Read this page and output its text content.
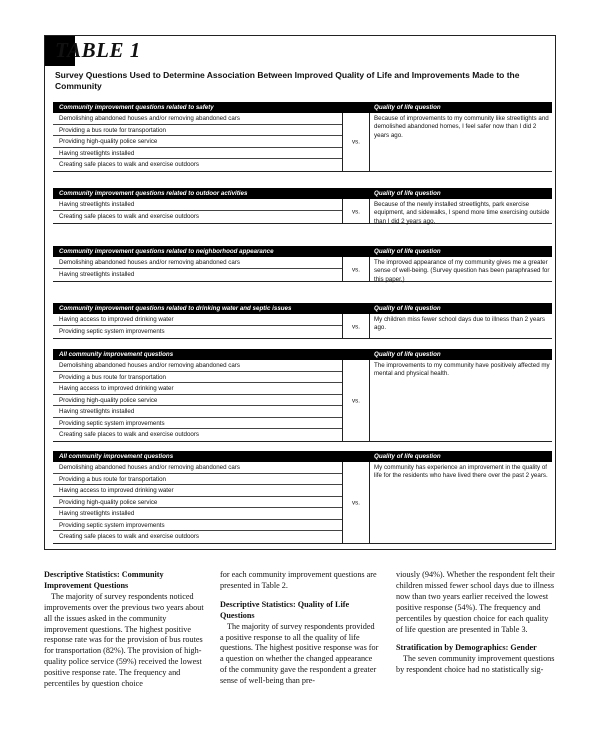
TABLE 1
Survey Questions Used to Determine Association Between Improved Quality of Life and Improvements Made to the Community
Community improvement questions related to safety	Quality of life question
Demolishing abandoned houses and/or removing abandoned cars
Providing a bus route for transportation
Providing high-quality police service
Having streetlights installed
Creating safe places to walk and exercise outdoors
vs.
Because of improvements to my community like streetlights and demolished abandoned homes, I feel safer now than I did 2 years ago.
Community improvement questions related to outdoor activities	Quality of life question
Having streetlights installed
Creating safe places to walk and exercise outdoors
vs.
Because of the newly installed streetlights, park exercise equipment, and sidewalks, I spend more time exercising outside than I did 2 years ago.
Community improvement questions related to neighborhood appearance	Quality of life question
Demolishing abandoned houses and/or removing abandoned cars
Having streetlights installed
vs.
The improved appearance of my community gives me a greater sense of well-being. (Survey question has been paraphrased for this paper.)
Community improvement questions related to drinking water and septic issues	Quality of life question
Having access to improved drinking water
Providing septic system improvements
vs.
My children miss fewer school days due to illness than 2 years ago.
All community improvement questions	Quality of life question
Demolishing abandoned houses and/or removing abandoned cars
Providing a bus route for transportation
Having access to improved drinking water
Providing high-quality police service
Having streetlights installed
Providing septic system improvements
Creating safe places to walk and exercise outdoors
vs.
The improvements to my community have positively affected my mental and physical health.
All community improvement questions	Quality of life question
Demolishing abandoned houses and/or removing abandoned cars
Providing a bus route for transportation
Having access to improved drinking water
Providing high-quality police service
Having streetlights installed
Providing septic system improvements
Creating safe places to walk and exercise outdoors
vs.
My community has experience an improvement in the quality of life for the residents who have lived there over the past 2 years.
Descriptive Statistics: Community Improvement Questions

The majority of survey respondents noticed improvements over the previous two years about all the issues asked in the community improvement questions. The highest positive response rate was for the provision of bus routes for transportation (82%). The provision of high-quality police service (59%) received the lowest positive response rate. The frequency and percentiles by question choice

for each community improvement questions are presented in Table 2.
Descriptive Statistics: Quality of Life Questions

The majority of survey respondents provided a positive response to all the quality of life questions. The highest positive response was for a question on whether the changed appearance of the community gave the respondent a greater sense of well-being than pre-

viously (94%). Whether the respondent felt their children missed fewer school days due to illness now than two years earlier received the lowest positive response (54%). The frequency and percentiles by question choice for each quality of life question are presented in Table 3.
Stratification by Demographics: Gender

The seven community improvement questions by respondent choice had no statistically sig-
